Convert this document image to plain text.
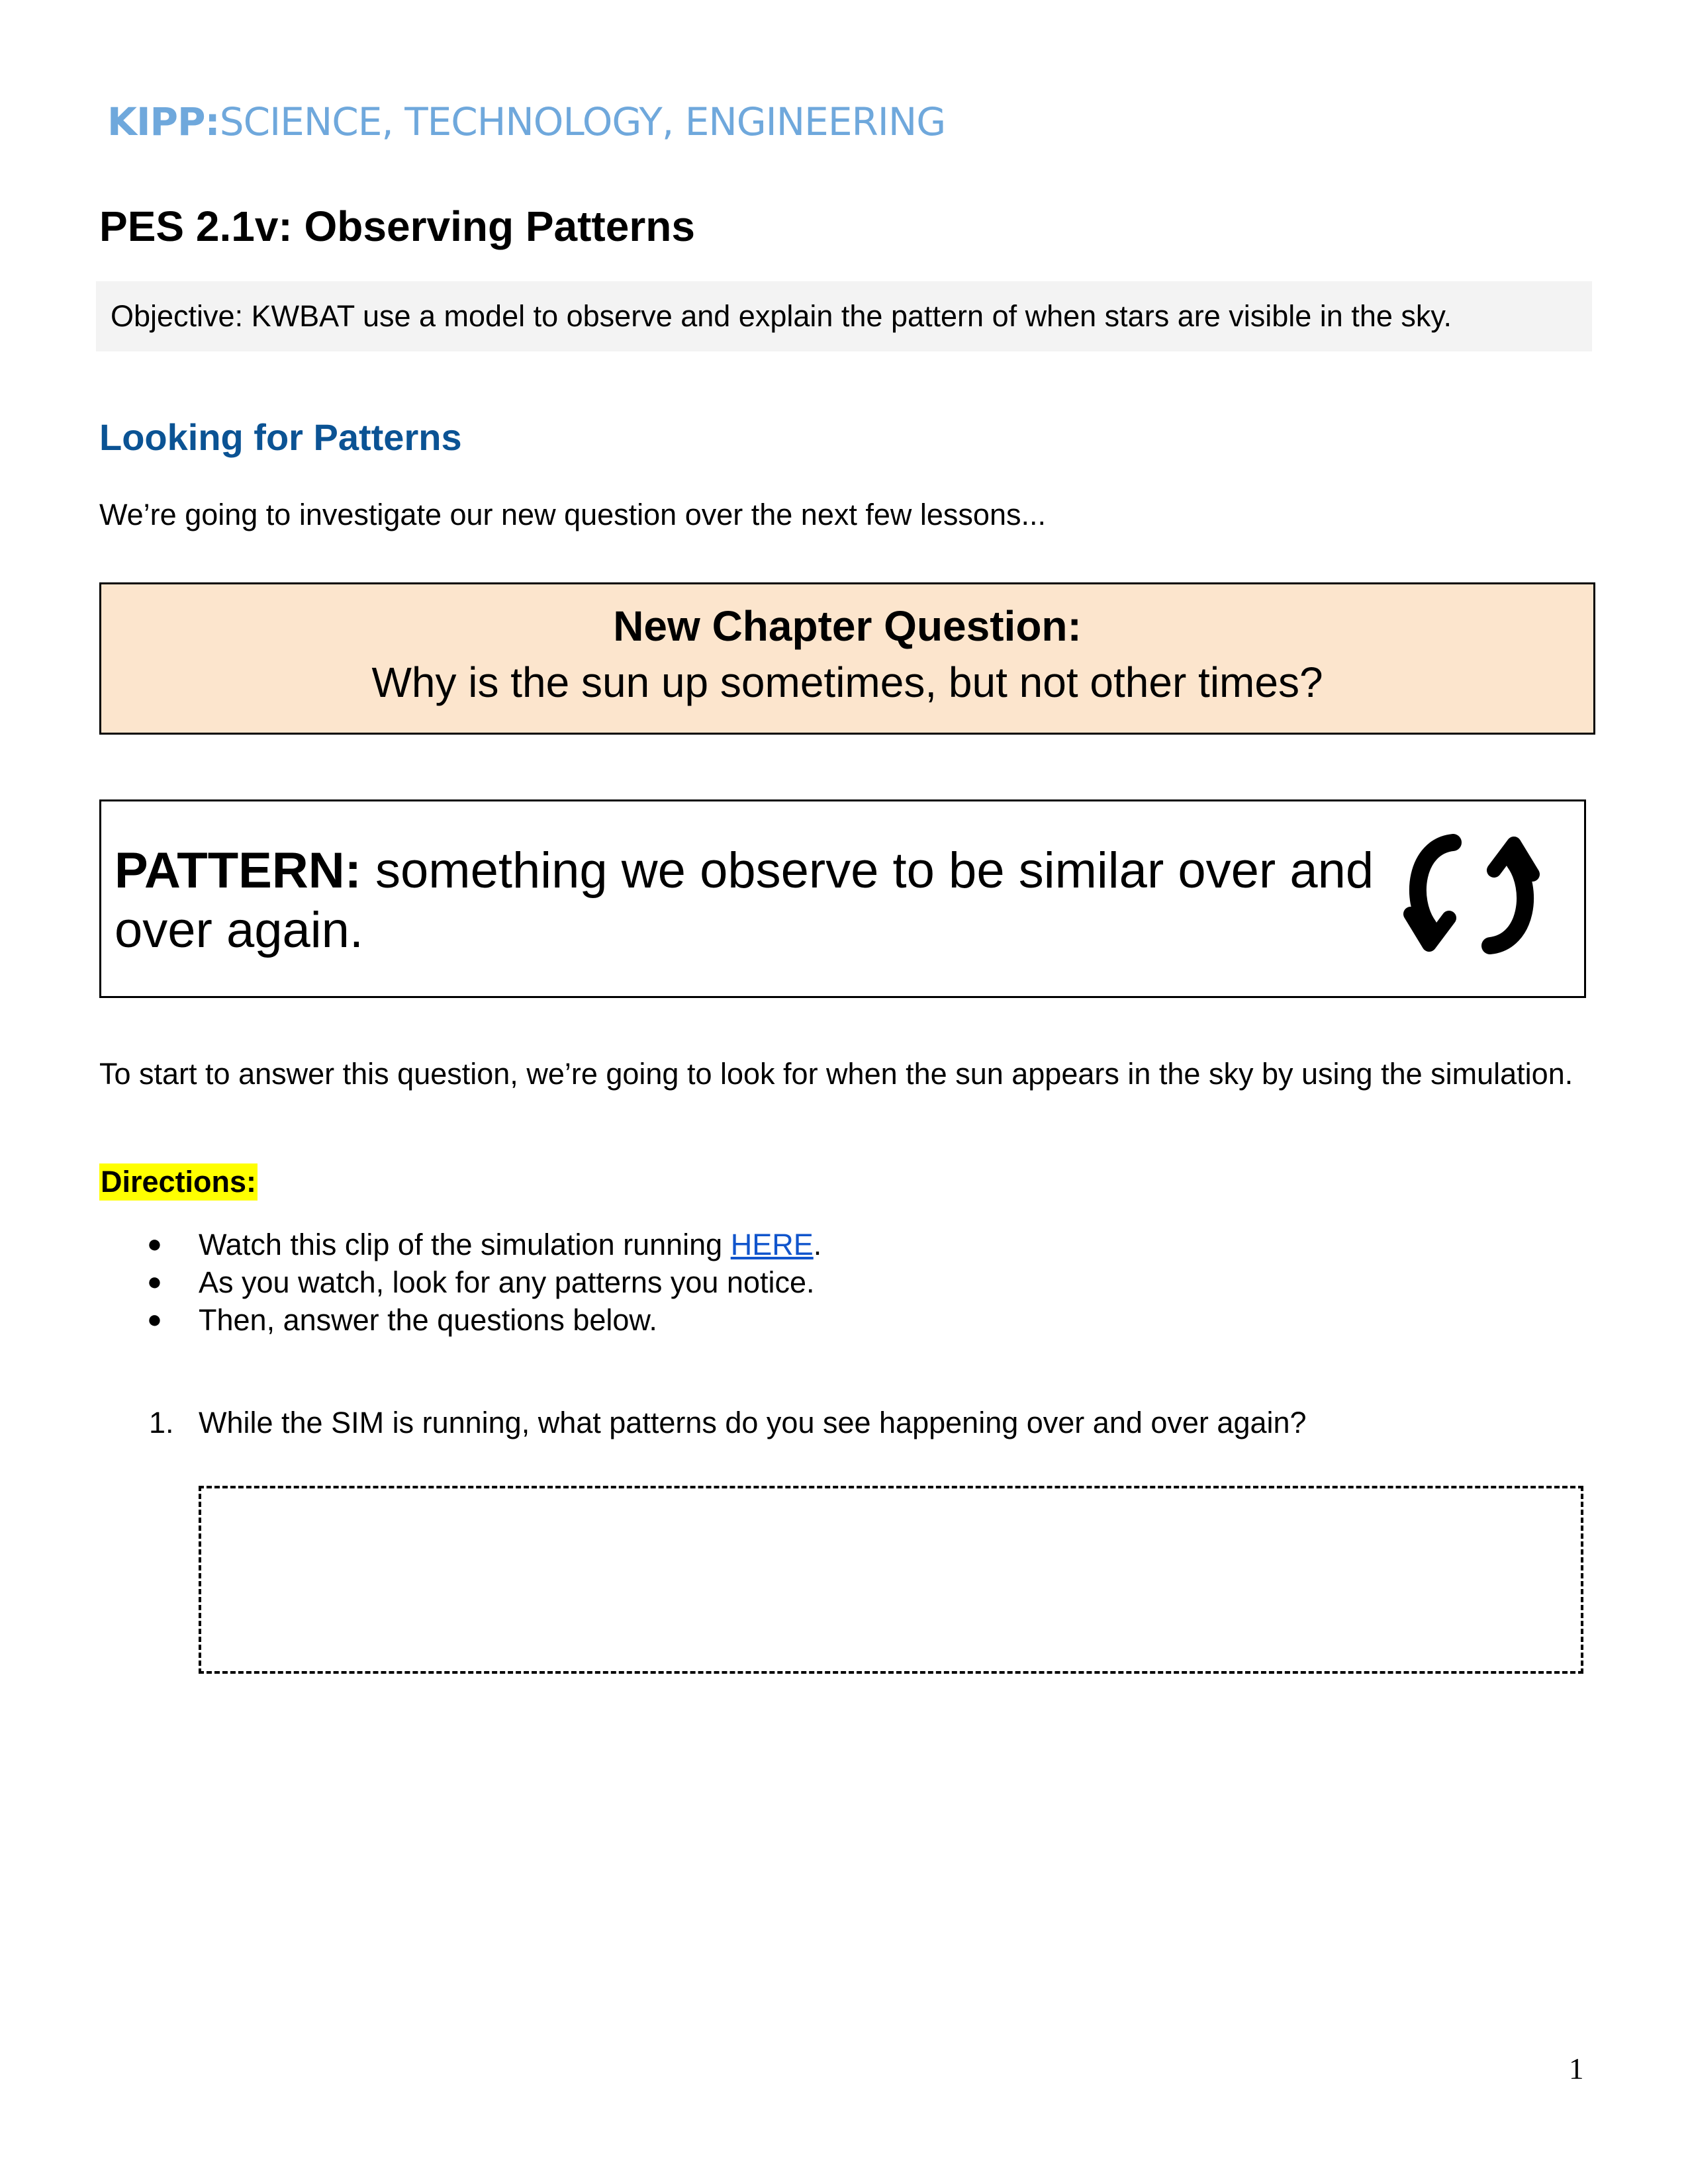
KIPP:SCIENCE, TECHNOLOGY, ENGINEERING
PES 2.1v: Observing Patterns
Objective: KWBAT use a model to observe and explain the pattern of when stars are visible in the sky.
Looking for Patterns
We’re going to investigate our new question over the next few lessons...
New Chapter Question:
Why is the sun up sometimes, but not other times?
PATTERN: something we observe to be similar over and over again.
To start to answer this question, we’re going to look for when the sun appears in the sky by using the simulation.
Directions:
● Watch this clip of the simulation running HERE.
● As you watch, look for any patterns you notice.
● Then, answer the questions below.
1. While the SIM is running, what patterns do you see happening over and over again?
1
